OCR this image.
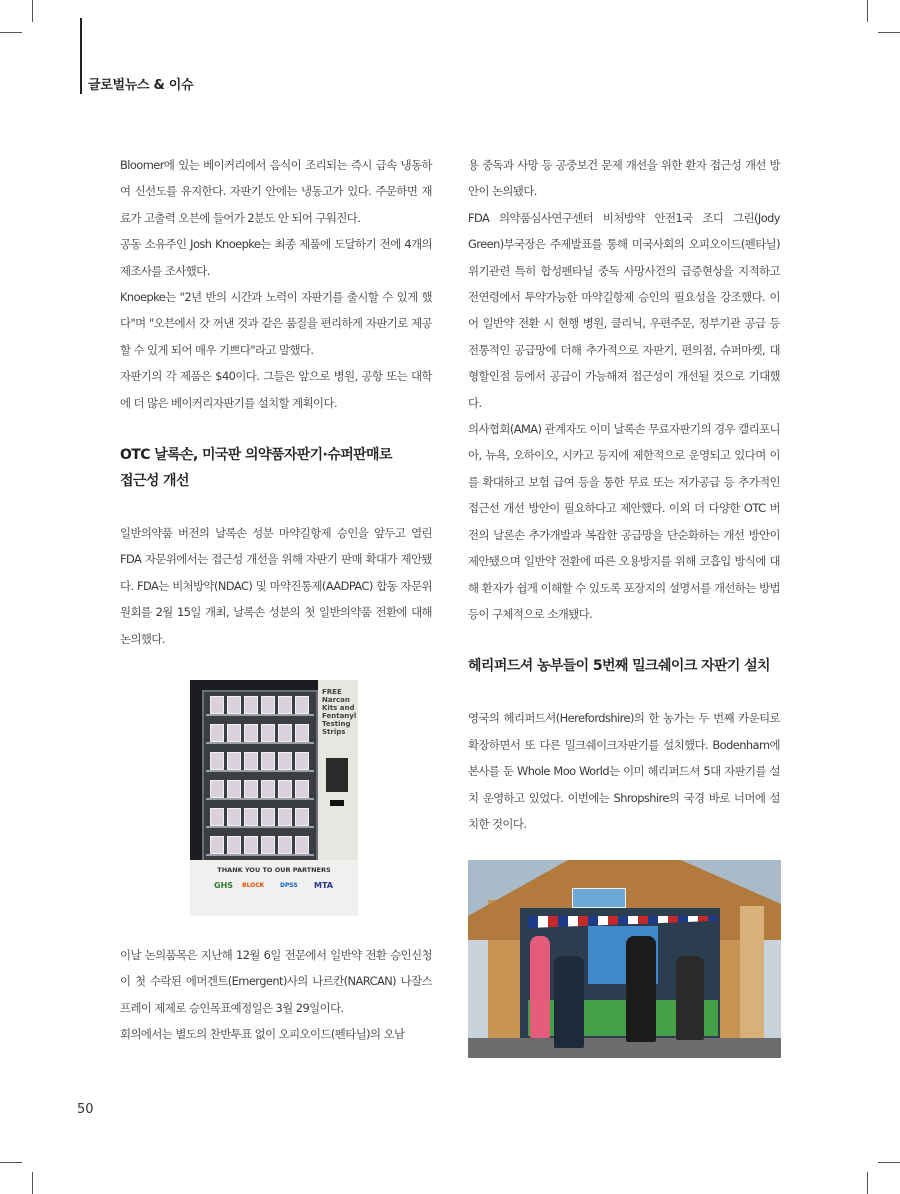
글로벌뉴스 & 이슈

Bloomer에 있는 베이커리에서 음식이 조리되는 즉시 급속 냉동하여 신선도를 유지한다. 자판기 안에는 냉동고가 있다. 주문하면 재료가 고출력 오븐에 들어가 2분도 안 되어 구워진다.

공동 소유주인 Josh Knoepke는 최종 제품에 도달하기 전에 4개의 제조사를 조사했다.

Knoepke는 "2년 반의 시간과 노력이 자판기를 출시할 수 있게 했다"며 "오븐에서 갓 꺼낸 것과 같은 품질을 편리하게 자판기로 제공할 수 있게 되어 매우 기쁘다"라고 말했다.

자판기의 각 제품은 $40이다. 그들은 앞으로 병원, 공항 또는 대학에 더 많은 베이커리자판기를 설치할 계획이다.

OTC 날록손, 미국판 의약품자판기·슈퍼판매로
접근성 개선

일반의약품 버전의 날록손 성분 마약길항제 승인을 앞두고 열린 FDA 자문위에서는 접근성 개선을 위해 자판기 판매 확대가 제안됐다. FDA는 비처방약(NDAC) 및 마약진통제(AADPAC) 합동 자문위원회를 2월 15일 개최, 날록손 성분의 첫 일반의약품 전환에 대해 논의했다.

FREE Narcan Kits and Fentanyl Testing Strips
THANK YOU TO OUR PARTNERS
GHS BLOCK	DPSS MTA

이날 논의품목은 지난해 12월 6일 전문에서 일반약 전환 승인신청이 첫 수락된 에머겐트(Emergent)사의 나르칸(NARCAN) 나잘스프레이 제제로 승인목표예정일은 3월 29일이다.

회의에서는 별도의 찬반투표 없이 오피오이드(펜타닐)의 오남

용 중독과 사망 등 공중보건 문제 개선을 위한 환자 접근성 개선 방안이 논의됐다.

FDA 의약품심사연구센터 비처방약 안전1국 조디 그린(Jody Green)부국장은 주제발표를 통해 미국사회의 오피오이드(펜타닐) 위기관련 특히 합성펜타닐 중독 사망사건의 급증현상을 지적하고 전연령에서 투약가능한 마약길항제 승인의 필요성을 강조했다. 이어 일반약 전환 시 현행 병원, 클리닉, 우편주문, 정부기관 공급 등 전통적인 공급망에 더해 추가적으로 자판기, 편의점, 슈퍼마켓, 대형할인점 등에서 공급이 가능해져 접근성이 개선될 것으로 기대했다.

의사협회(AMA) 관계자도 이미 날록손 무료자판기의 경우 캘리포니아, 뉴욕, 오하이오, 시카고 등지에 제한적으로 운영되고 있다며 이를 확대하고 보험 급여 등을 통한 무료 또는 저가공급 등 추가적인 접근선 개선 방안이 필요하다고 제안했다. 이외 더 다양한 OTC 버전의 날론손 추가개발과 복잡한 공급망을 단순화하는 개선 방안이 제안됐으며 일반약 전환에 따른 오용방지를 위해 코흡입 방식에 대해 환자가 쉽게 이해할 수 있도록 포장지의 설명서를 개선하는 방법 등이 구체적으로 소개됐다.

헤리퍼드셔 농부들이 5번째 밀크쉐이크 자판기 설치

영국의 헤리퍼드셔(Herefordshire)의 한 농가는 두 번째 카운티로 확장하면서 또 다른 밀크쉐이크자판기를 설치했다. Bodenham에 본사를 둔 Whole Moo World는 이미 헤리퍼드셔 5대 자판기를 설치 운영하고 있었다. 이번에는 Shropshire의 국경 바로 너머에 설치한 것이다.

50
